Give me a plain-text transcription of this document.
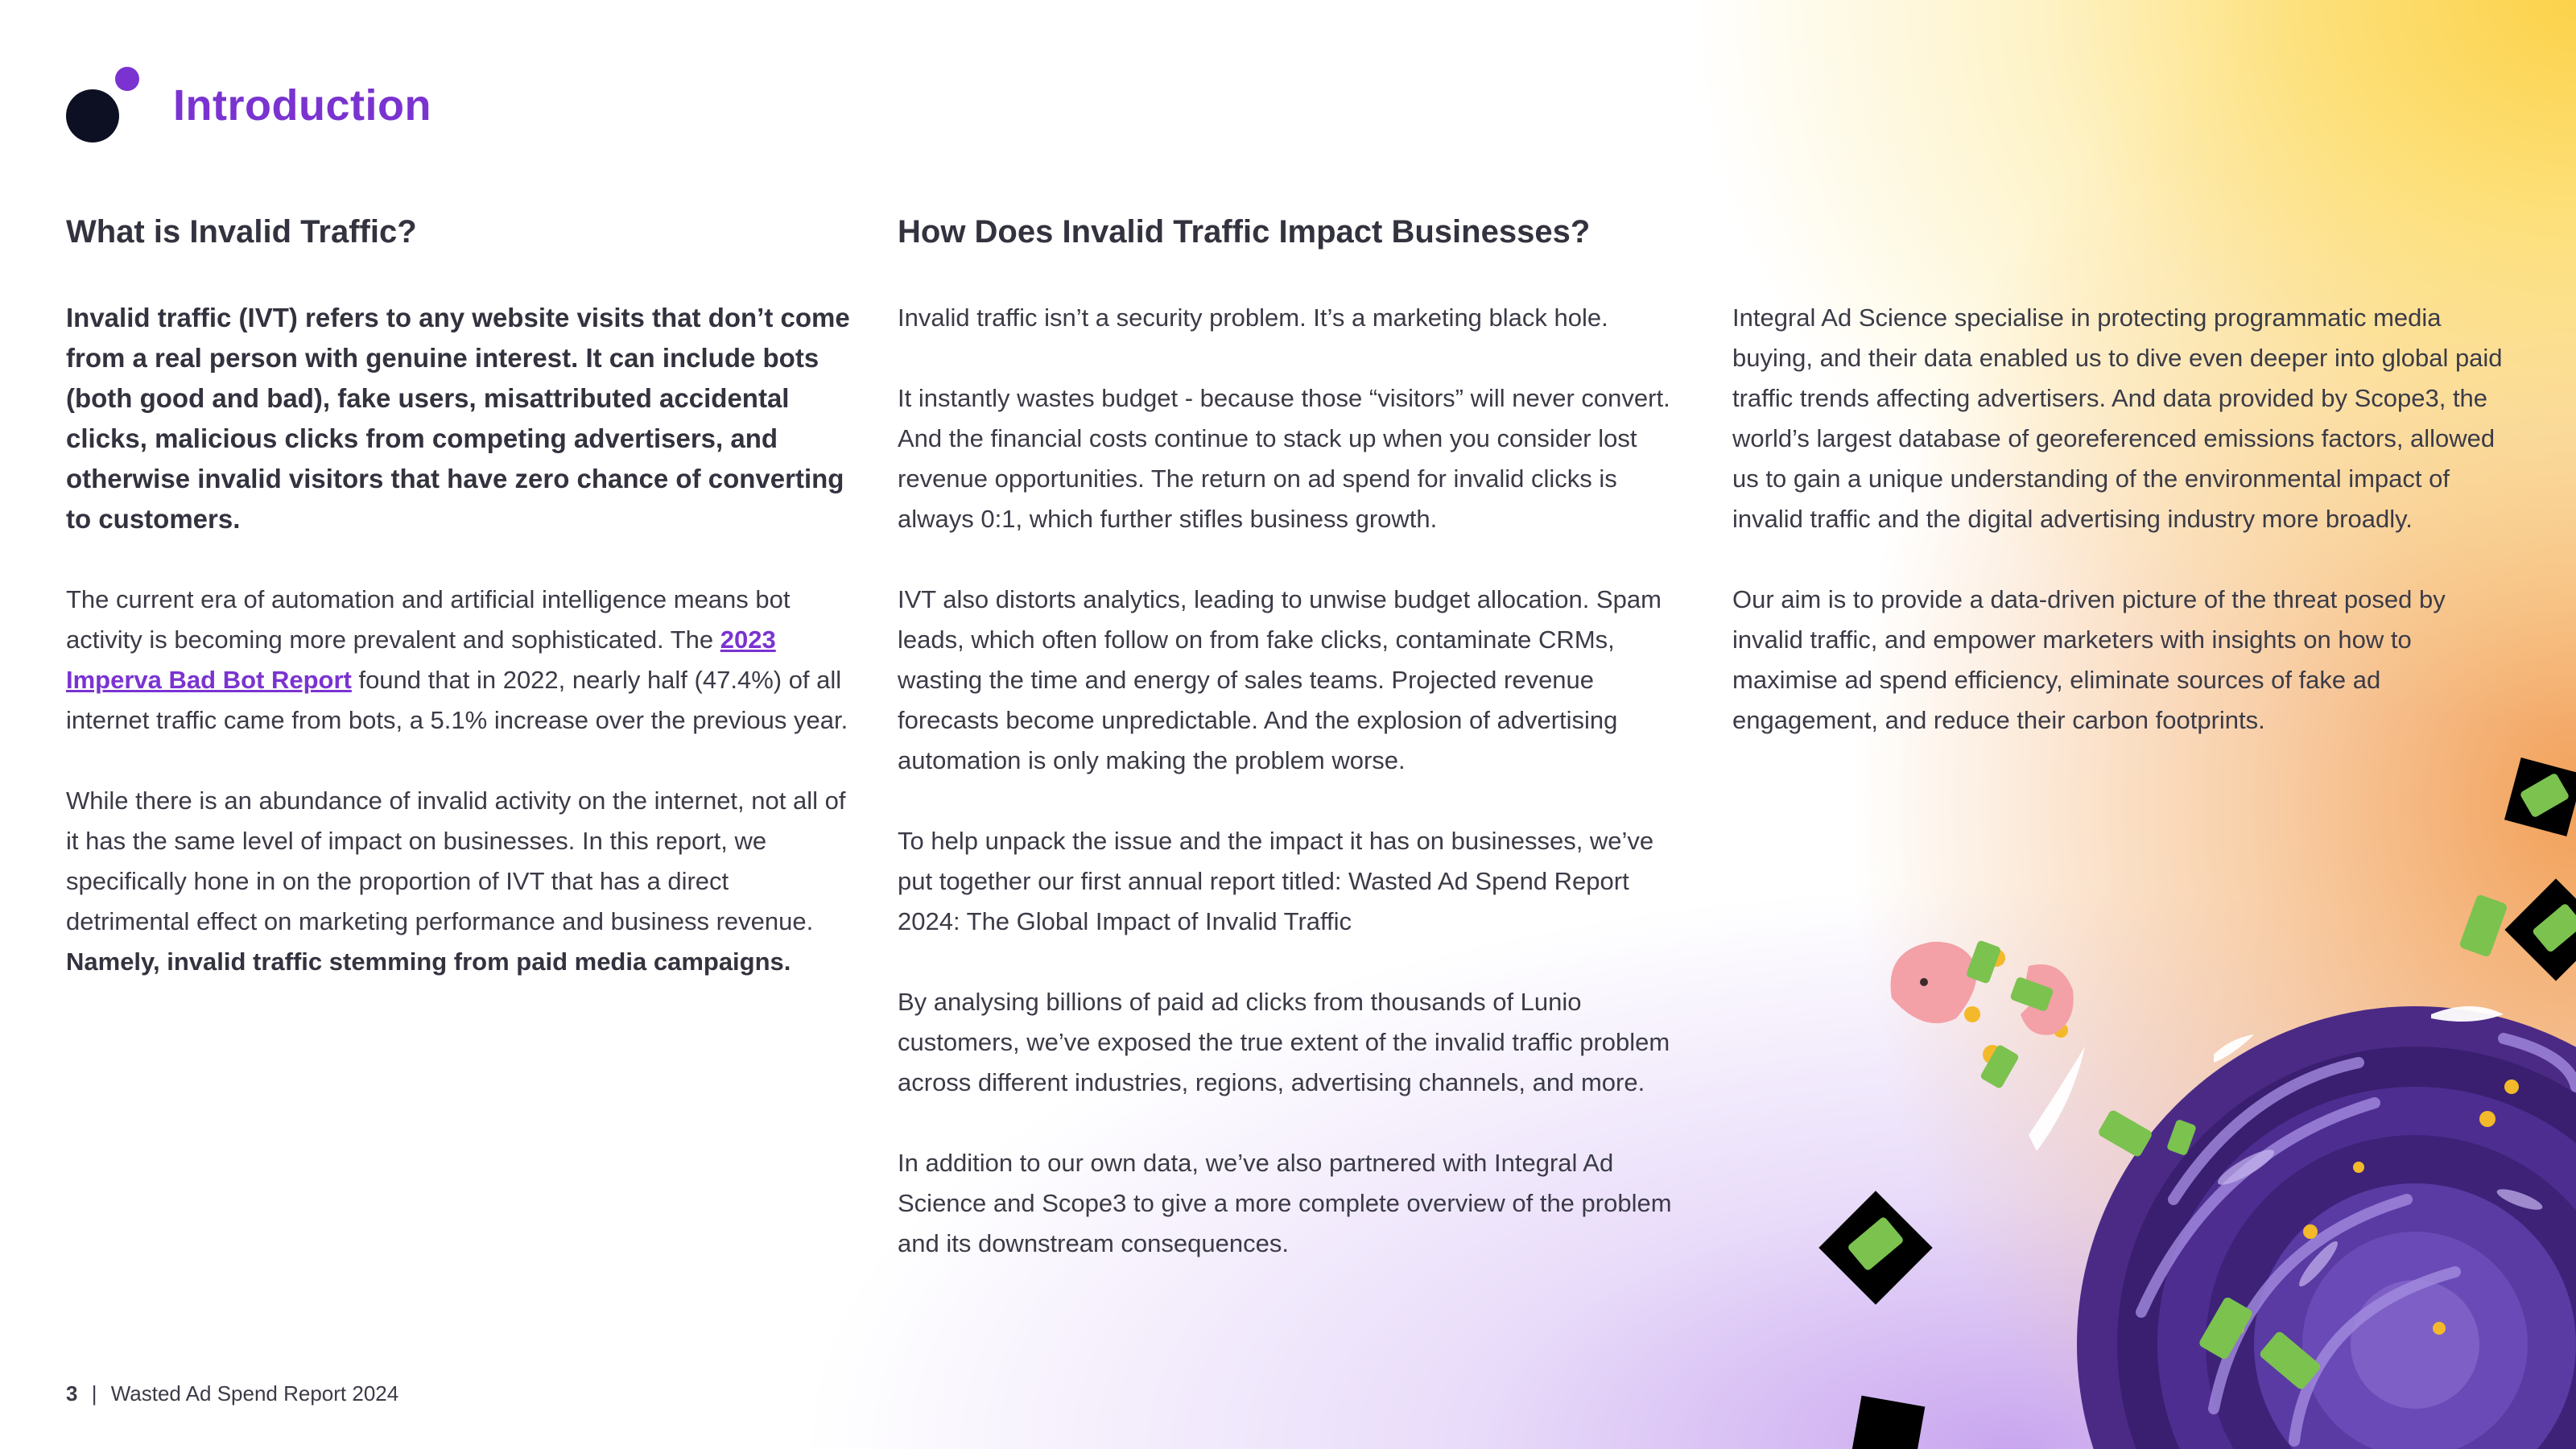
Introduction
What is Invalid Traffic?	How Does Invalid Traffic Impact Businesses?

Invalid traffic (IVT) refers to any website visits that don’t come from a real person with genuine interest. It can include bots (both good and bad), fake users, misattributed accidental clicks, malicious clicks from competing advertisers, and otherwise invalid visitors that have zero chance of converting to customers.

The current era of automation and artificial intelligence means bot activity is becoming more prevalent and sophisticated. The 2023 Imperva Bad Bot Report found that in 2022, nearly half (47.4%) of all internet traffic came from bots, a 5.1% increase over the previous year.

While there is an abundance of invalid activity on the internet, not all of it has the same level of impact on businesses. In this report, we specifically hone in on the proportion of IVT that has a direct detrimental effect on marketing performance and business revenue. Namely, invalid traffic stemming from paid media campaigns.

Invalid traffic isn’t a security problem. It’s a marketing black hole.

It instantly wastes budget - because those “visitors” will never convert. And the financial costs continue to stack up when you consider lost revenue opportunities. The return on ad spend for invalid clicks is always 0:1, which further stifles business growth.

IVT also distorts analytics, leading to unwise budget allocation. Spam leads, which often follow on from fake clicks, contaminate CRMs, wasting the time and energy of sales teams. Projected revenue forecasts become unpredictable. And the explosion of advertising automation is only making the problem worse.

To help unpack the issue and the impact it has on businesses, we’ve put together our first annual report titled: Wasted Ad Spend Report 2024: The Global Impact of Invalid Traffic

By analysing billions of paid ad clicks from thousands of Lunio customers, we’ve exposed the true extent of the invalid traffic problem across different industries, regions, advertising channels, and more.

In addition to our own data, we’ve also partnered with Integral Ad Science and Scope3 to give a more complete overview of the problem and its downstream consequences.

Integral Ad Science specialise in protecting programmatic media buying, and their data enabled us to dive even deeper into global paid traffic trends affecting advertisers. And data provided by Scope3, the world’s largest database of georeferenced emissions factors, allowed us to gain a unique understanding of the environmental impact of invalid traffic and the digital advertising industry more broadly.

Our aim is to provide a data-driven picture of the threat posed by invalid traffic, and empower marketers with insights on how to maximise ad spend efficiency, eliminate sources of fake ad engagement, and reduce their carbon footprints.

3 | Wasted Ad Spend Report 2024
